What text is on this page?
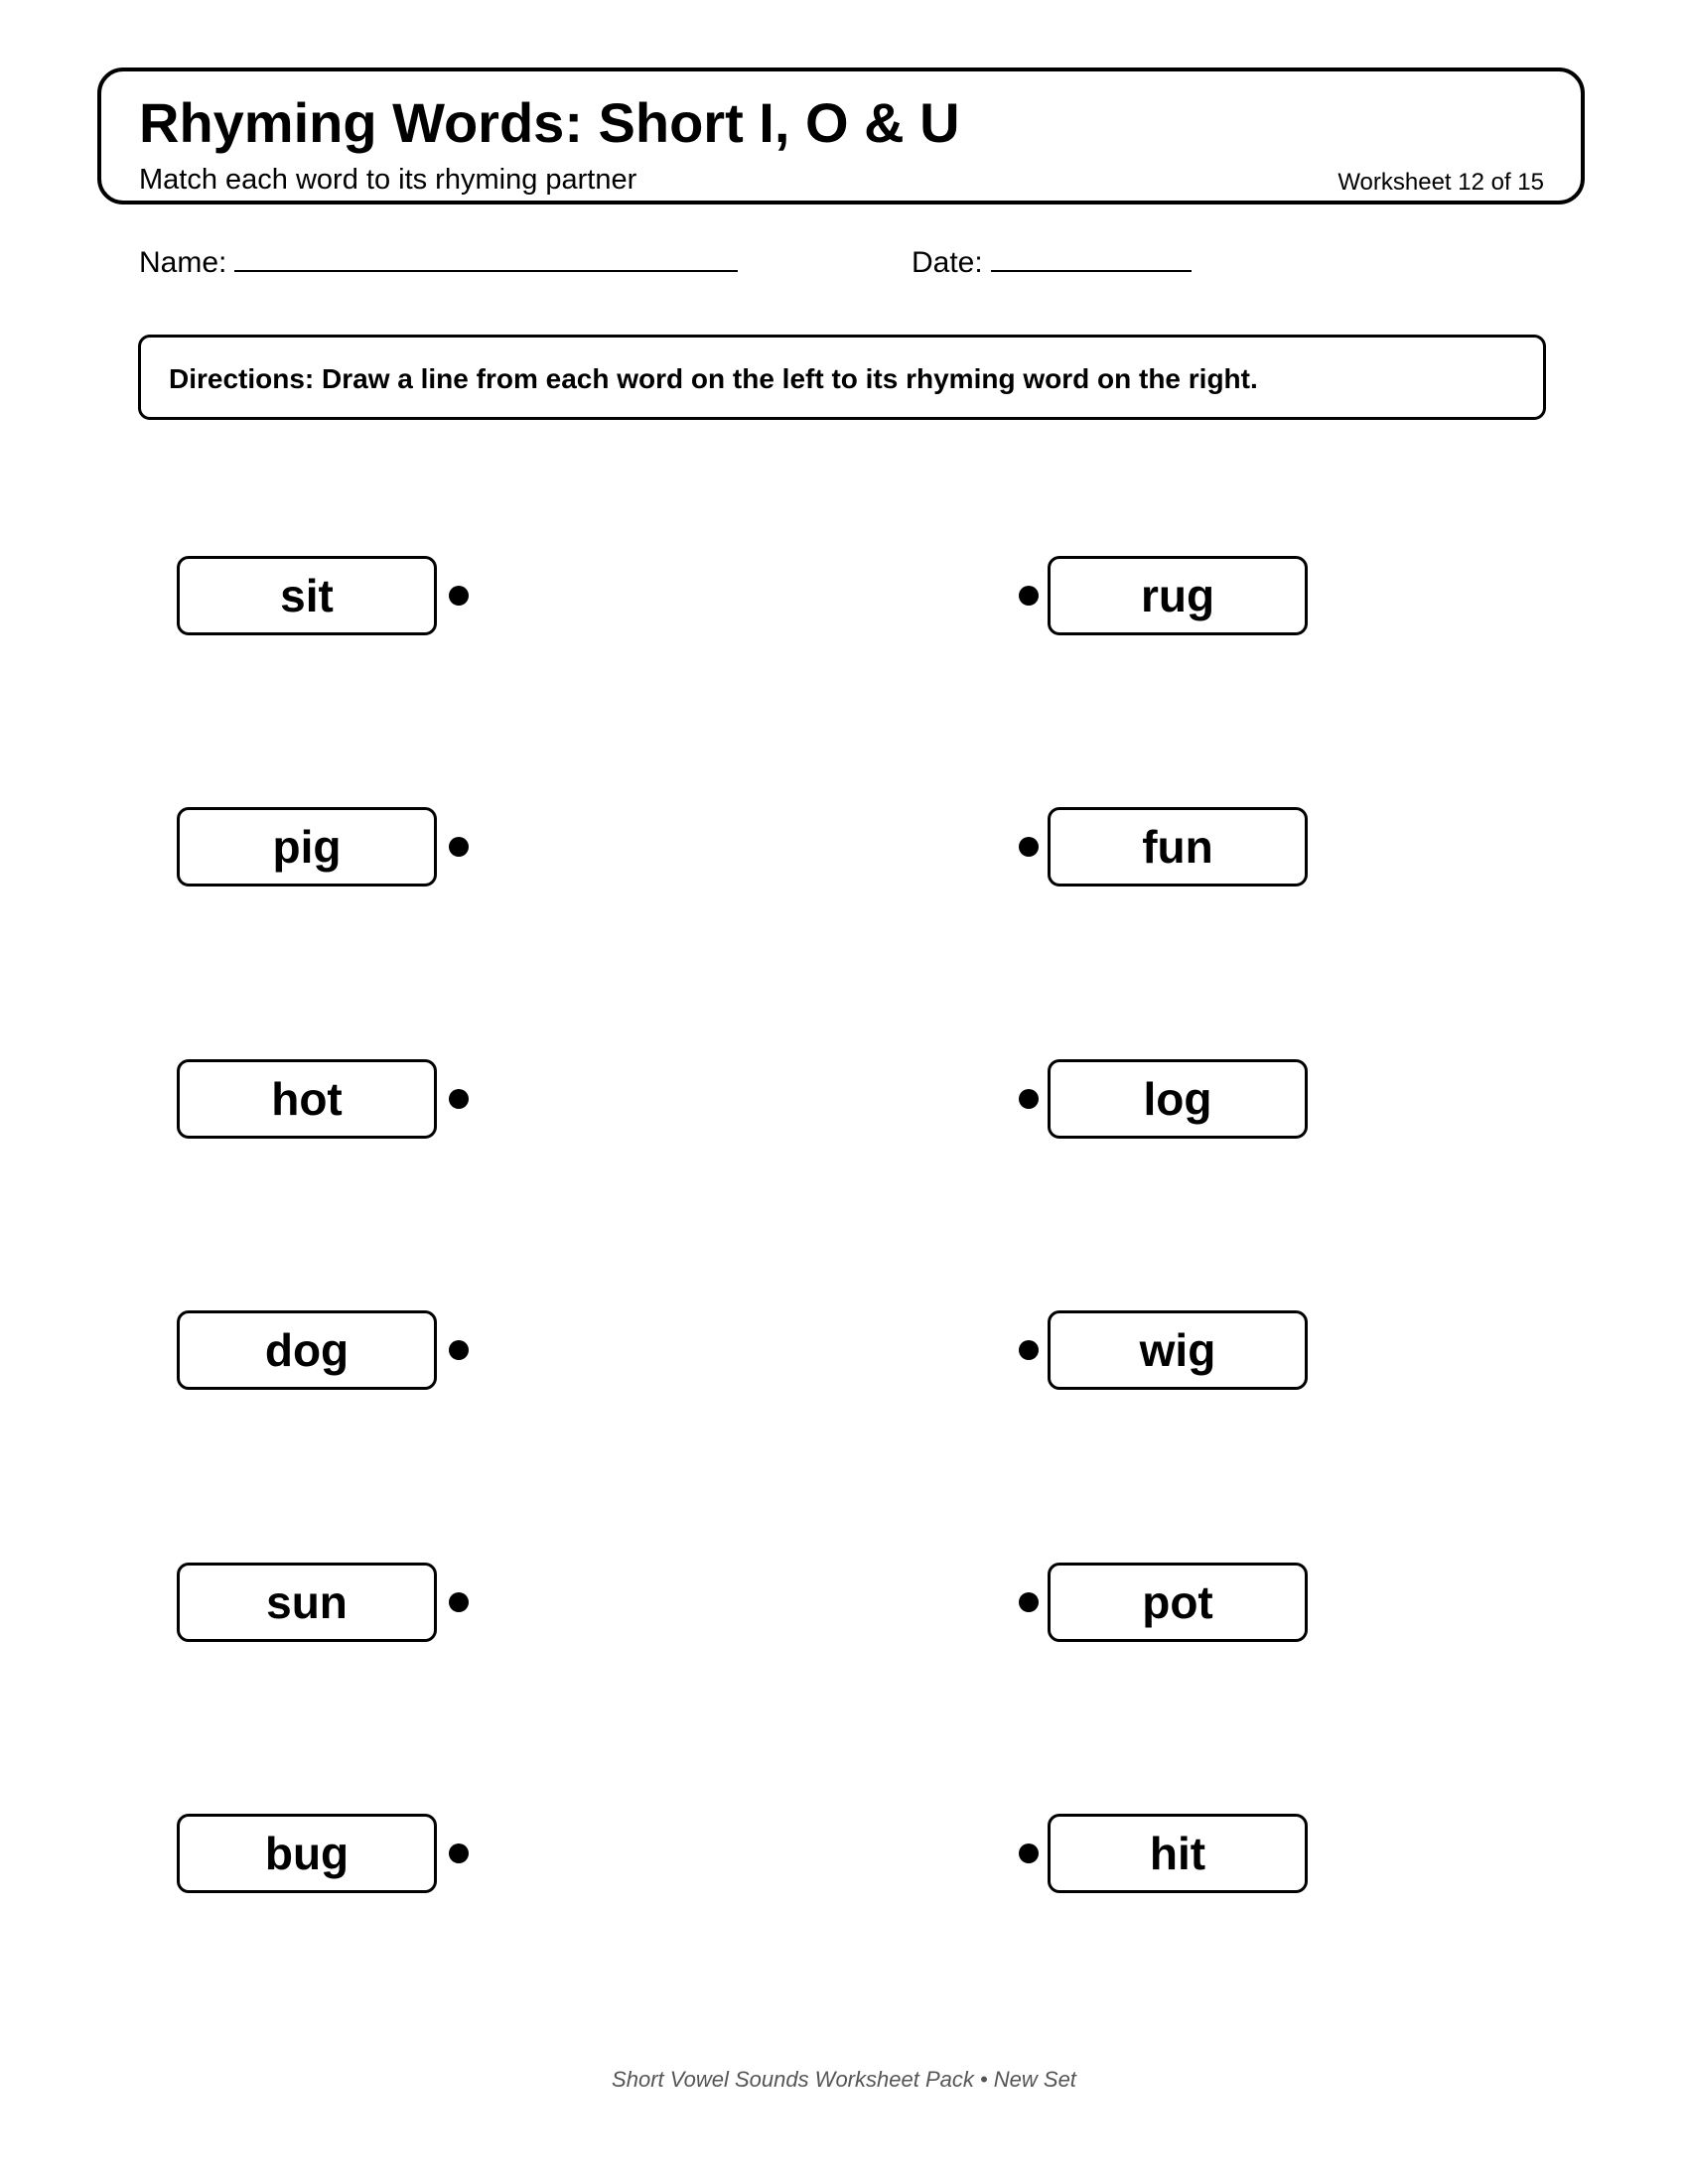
Rhyming Words: Short I, O & U
Match each word to its rhyming partner	Worksheet 12 of 15
Name:	Date:
Directions: Draw a line from each word on the left to its rhyming word on the right.
sit
pig
hot
dog
sun
bug
rug
fun
log
wig
pot
hit
Short Vowel Sounds Worksheet Pack • New Set
